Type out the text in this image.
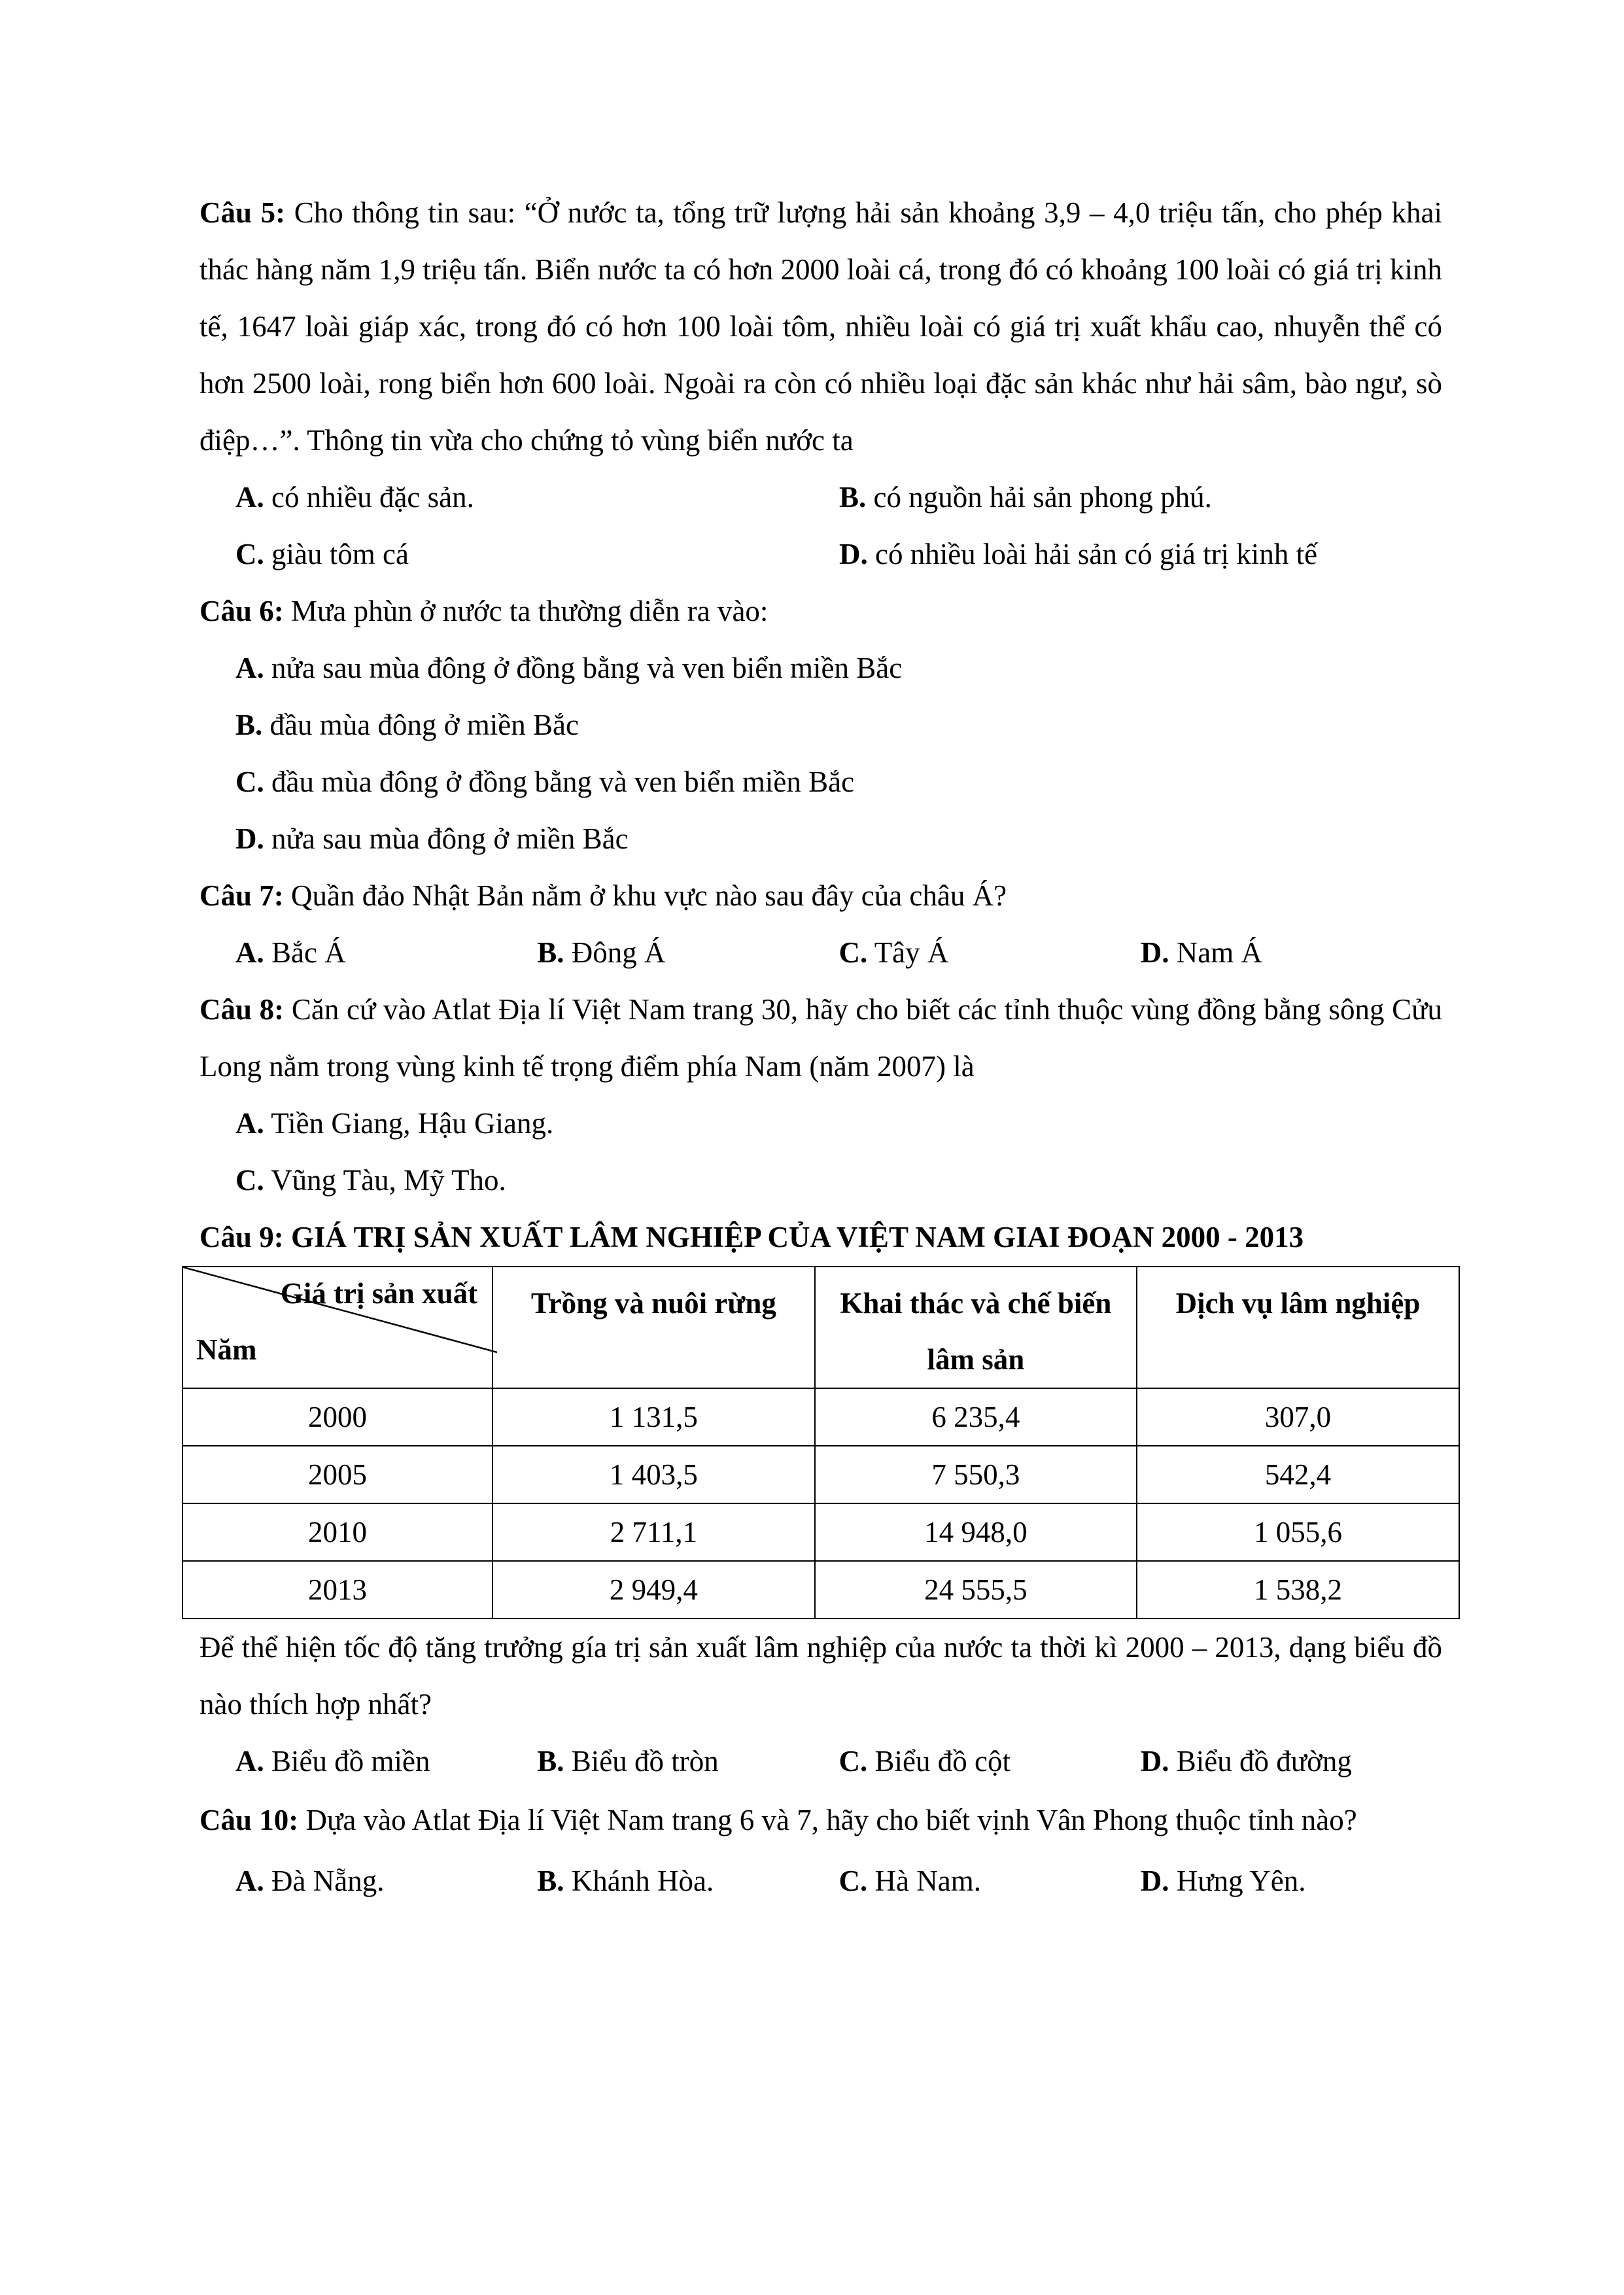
Câu 5: Cho thông tin sau: “Ở nước ta, tổng trữ lượng hải sản khoảng 3,9 – 4,0 triệu tấn, cho phép khai thác hàng năm 1,9 triệu tấn. Biển nước ta có hơn 2000 loài cá, trong đó có khoảng 100 loài có giá trị kinh tế, 1647 loài giáp xác, trong đó có hơn 100 loài tôm, nhiều loài có giá trị xuất khẩu cao, nhuyễn thể có hơn 2500 loài, rong biển hơn 600 loài. Ngoài ra còn có nhiều loại đặc sản khác như hải sâm, bào ngư, sò điệp…”. Thông tin vừa cho chứng tỏ vùng biển nước ta

A. có nhiều đặc sản.	B. có nguồn hải sản phong phú.
C. giàu tôm cá	D. có nhiều loài hải sản có giá trị kinh tế

Câu 6: Mưa phùn ở nước ta thường diễn ra vào:

A. nửa sau mùa đông ở đồng bằng và ven biển miền Bắc

B. đầu mùa đông ở miền Bắc

C. đầu mùa đông ở đồng bằng và ven biển miền Bắc

D. nửa sau mùa đông ở miền Bắc

Câu 7: Quần đảo Nhật Bản nằm ở khu vực nào sau đây của châu Á?

A. Bắc Á	B. Đông Á	C. Tây Á	D. Nam Á

Câu 8: Căn cứ vào Atlat Địa lí Việt Nam trang 30, hãy cho biết các tỉnh thuộc vùng đồng bằng sông Cửu Long nằm trong vùng kinh tế trọng điểm phía Nam (năm 2007) là

A. Tiền Giang, Hậu Giang.

C. Vũng Tàu, Mỹ Tho.

Câu 9: GIÁ TRỊ SẢN XUẤT LÂM NGHIỆP CỦA VIỆT NAM GIAI ĐOẠN 2000 - 2013

Giá trị sản xuất
Năm	Trồng và nuôi rừng	Khai thác và chế biến lâm sản	Dịch vụ lâm nghiệp
2000	1 131,5	6 235,4	307,0
2005	1 403,5	7 550,3	542,4
2010	2 711,1	14 948,0	1 055,6
2013	2 949,4	24 555,5	1 538,2

Để thể hiện tốc độ tăng trưởng gía trị sản xuất lâm nghiệp của nước ta thời kì 2000 – 2013, dạng biểu đồ nào thích hợp nhất?

A. Biểu đồ miền	B. Biểu đồ tròn	C. Biểu đồ cột	D. Biểu đồ đường

Câu 10: Dựa vào Atlat Địa lí Việt Nam trang 6 và 7, hãy cho biết vịnh Vân Phong thuộc tỉnh nào?

A. Đà Nẵng.	B. Khánh Hòa.	C. Hà Nam.	D. Hưng Yên.
